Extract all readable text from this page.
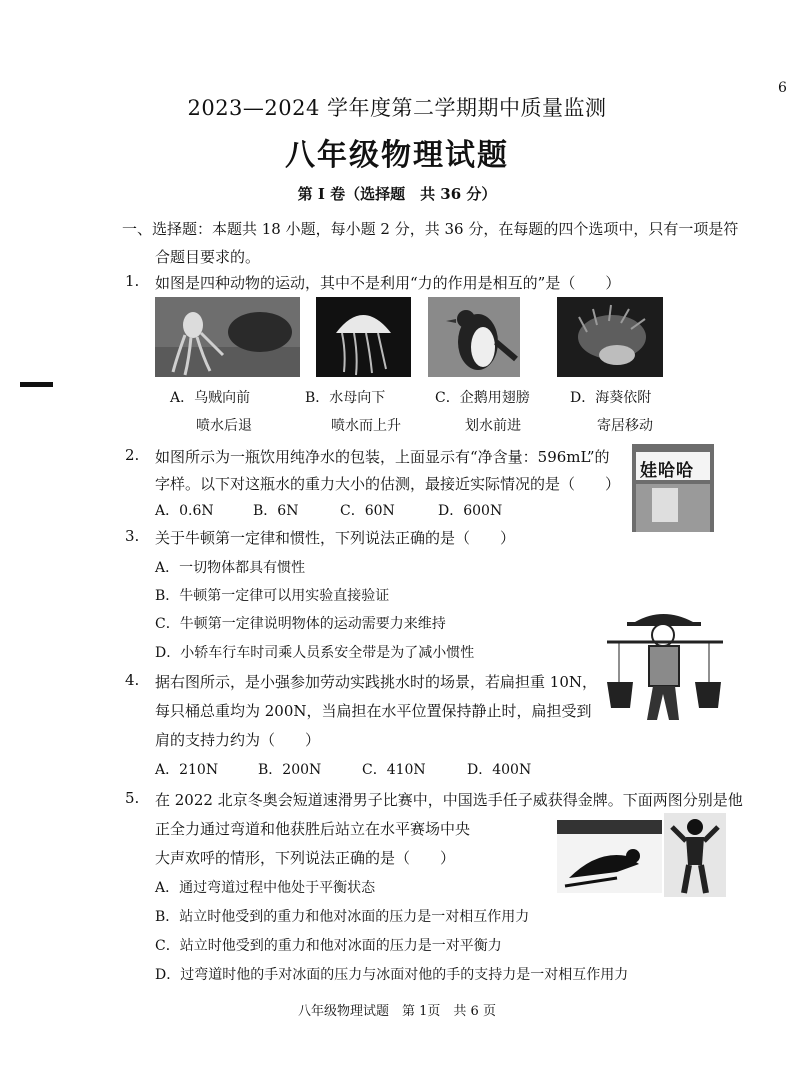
6
2023—2024 学年度第二学期期中质量监测
八年级物理试题
第 I 卷（选择题　共 36 分）
一、选择题：本题共 18 小题，每小题 2 分，共 36 分，在每题的四个选项中，只有一项是符
合题目要求的。
1. 如图是四种动物的运动，其中不是利用“力的作用是相互的”是（　　）
A．乌贼向前
喷水后退
B．水母向下
喷水而上升
C．企鹅用翅膀
划水前进
D．海葵依附
寄居移动
2. 如图所示为一瓶饮用纯净水的包装，上面显示有“净含量：596mL”的
字样。以下对这瓶水的重力大小的估测，最接近实际情况的是（　　）
A．0.6N	B．6N	C．60N	D．600N
娃哈哈
3. 关于牛顿第一定律和惯性，下列说法正确的是（　　）
A．一切物体都具有惯性
B．牛顿第一定律可以用实验直接验证
C．牛顿第一定律说明物体的运动需要力来维持
D．小轿车行车时司乘人员系安全带是为了减小惯性
4. 据右图所示，是小强参加劳动实践挑水时的场景，若扁担重 10N，
每只桶总重均为 200N，当扁担在水平位置保持静止时，扁担受到
肩的支持力约为（　　）
A．210N	B．200N	C．410N	D．400N
5. 在 2022 北京冬奥会短道速滑男子比赛中，中国选手任子威获得金牌。下面两图分别是他
正全力通过弯道和他获胜后站立在水平赛场中央
大声欢呼的情形，下列说法正确的是（　　）
A．通过弯道过程中他处于平衡状态
B．站立时他受到的重力和他对冰面的压力是一对相互作用力
C．站立时他受到的重力和他对冰面的压力是一对平衡力
D．过弯道时他的手对冰面的压力与冰面对他的手的支持力是一对相互作用力
八年级物理试题　第 1页　共 6 页
